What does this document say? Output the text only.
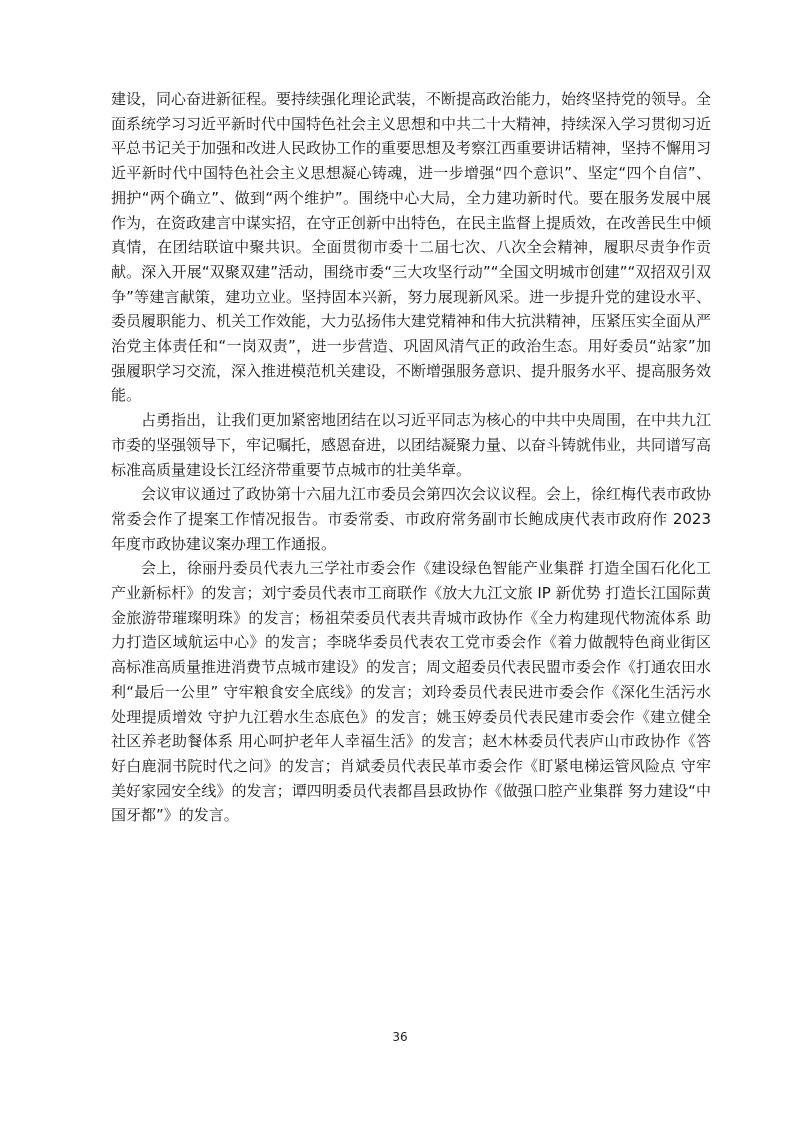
建设，同心奋进新征程。要持续强化理论武装，不断提高政治能力，始终坚持党的领导。全面系统学习习近平新时代中国特色社会主义思想和中共二十大精神，持续深入学习贯彻习近平总书记关于加强和改进人民政协工作的重要思想及考察江西重要讲话精神，坚持不懈用习近平新时代中国特色社会主义思想凝心铸魂，进一步增强“四个意识”、坚定“四个自信”、拥护“两个确立”、做到“两个维护”。围绕中心大局，全力建功新时代。要在服务发展中展作为，在资政建言中谋实招，在守正创新中出特色，在民主监督上提质效，在改善民生中倾真情，在团结联谊中聚共识。全面贯彻市委十二届七次、八次全会精神，履职尽责争作贡献。深入开展“双聚双建”活动，围绕市委“三大攻坚行动”“全国文明城市创建”“双招双引双争”等建言献策，建功立业。坚持固本兴新，努力展现新风采。进一步提升党的建设水平、委员履职能力、机关工作效能，大力弘扬伟大建党精神和伟大抗洪精神，压紧压实全面从严治党主体责任和“一岗双责”，进一步营造、巩固风清气正的政治生态。用好委员“站家”加强履职学习交流，深入推进模范机关建设，不断增强服务意识、提升服务水平、提高服务效能。

占勇指出，让我们更加紧密地团结在以习近平同志为核心的中共中央周围，在中共九江市委的坚强领导下，牢记嘱托，感恩奋进，以团结凝聚力量、以奋斗铸就伟业，共同谱写高标准高质量建设长江经济带重要节点城市的壮美华章。

会议审议通过了政协第十六届九江市委员会第四次会议议程。会上，徐红梅代表市政协常委会作了提案工作情况报告。市委常委、市政府常务副市长鲍成庚代表市政府作 2023 年度市政协建议案办理工作通报。

会上，徐丽丹委员代表九三学社市委会作《建设绿色智能产业集群 打造全国石化化工产业新标杆》的发言；刘宁委员代表市工商联作《放大九江文旅 IP 新优势 打造长江国际黄金旅游带璀璨明珠》的发言；杨祖荣委员代表共青城市政协作《全力构建现代物流体系 助力打造区域航运中心》的发言；李晓华委员代表农工党市委会作《着力做靓特色商业街区 高标准高质量推进消费节点城市建设》的发言；周文超委员代表民盟市委会作《打通农田水利“最后一公里” 守牢粮食安全底线》的发言；刘玲委员代表民进市委会作《深化生活污水处理提质增效 守护九江碧水生态底色》的发言；姚玉婷委员代表民建市委会作《建立健全社区养老助餐体系 用心呵护老年人幸福生活》的发言；赵木林委员代表庐山市政协作《答好白鹿洞书院时代之问》的发言；肖斌委员代表民革市委会作《盯紧电梯运管风险点 守牢美好家园安全线》的发言；谭四明委员代表都昌县政协作《做强口腔产业集群 努力建设“中国牙都”》的发言。

36
